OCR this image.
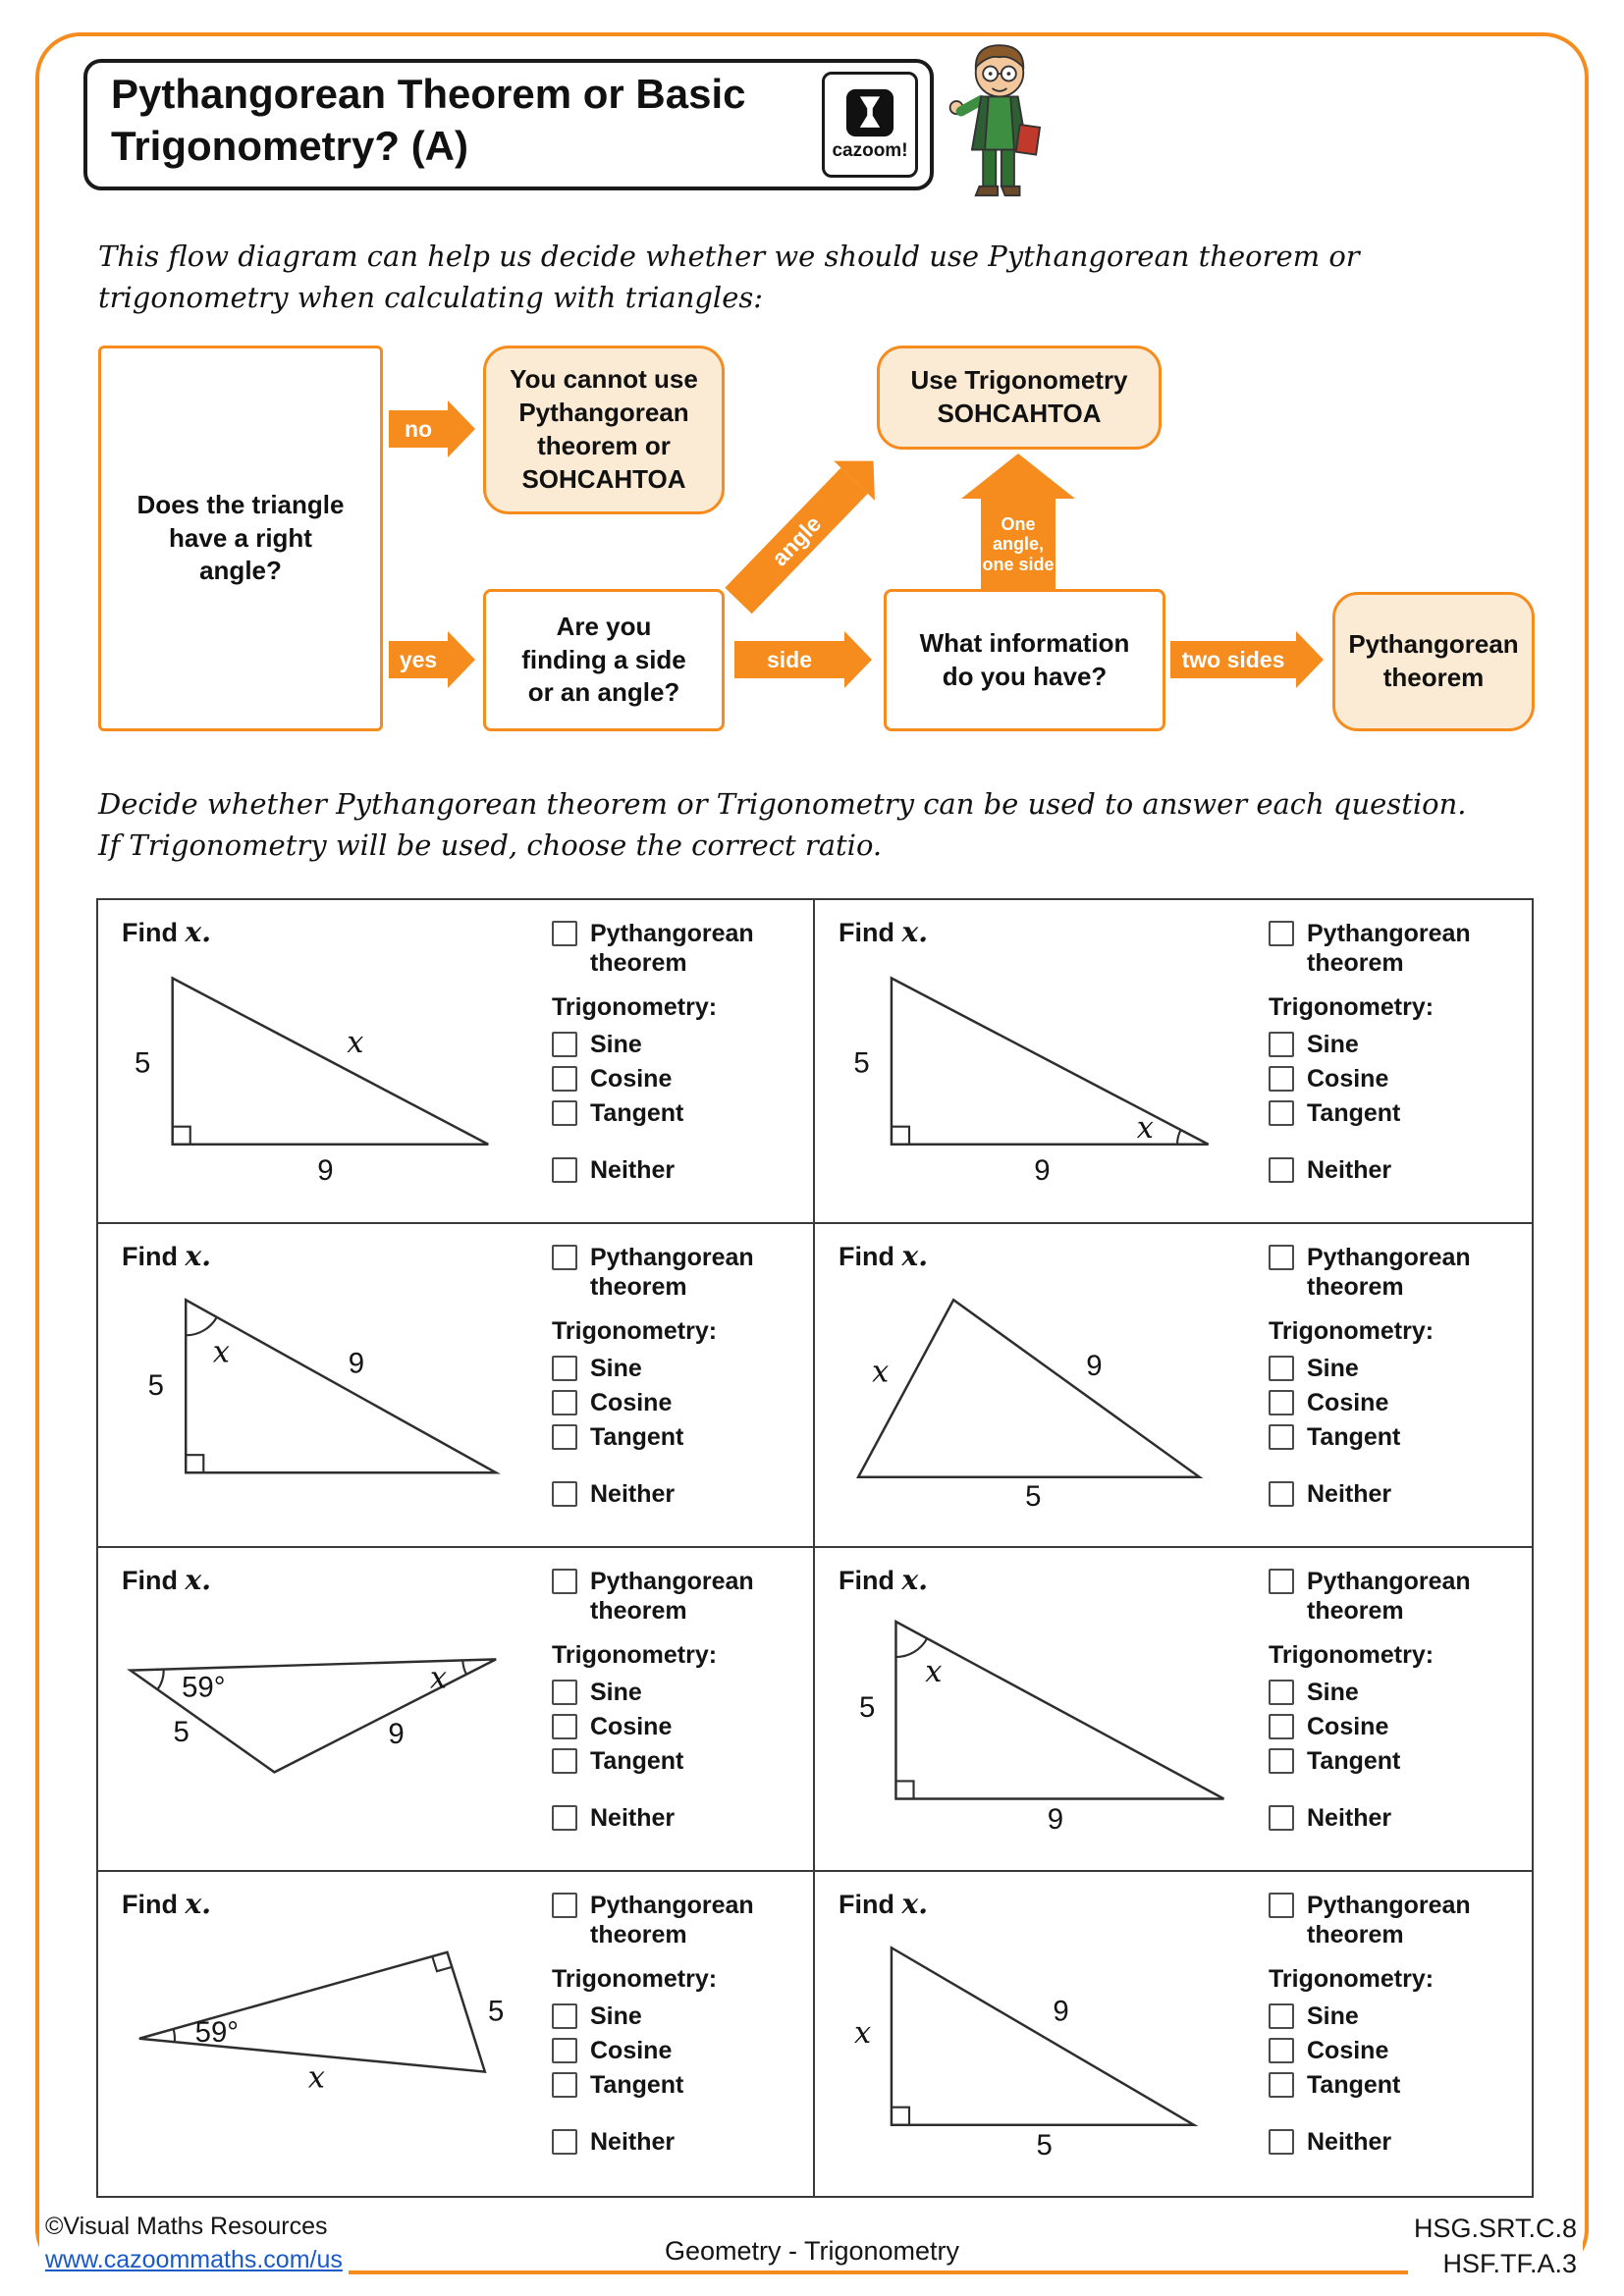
Pythangorean Theorem or Basic Trigonometry? (A)	cazoom!
This flow diagram can help us decide whether we should use Pythangorean theorem or
trigonometry when calculating with triangles:
Does the triangle have a right angle?
no
You cannot use Pythangorean theorem or SOHCAHTOA
yes
Are you finding a side or an angle?
angle
Use Trigonometry SOHCAHTOA
side
What information do you have?
One angle, one side
two sides
Pythangorean theorem
Decide whether Pythangorean theorem or Trigonometry can be used to answer each question.
If Trigonometry will be used, choose the correct ratio.
Find x.
5
9
x
Pythangorean theorem
Trigonometry:
Sine
Cosine
Tangent
Neither
Find x.
5
9
x
Pythangorean theorem
Trigonometry:
Sine
Cosine
Tangent
Neither
Find x.
5
9
x
Pythangorean theorem
Trigonometry:
Sine
Cosine
Tangent
Neither
Find x.
x	9
5
Pythangorean theorem
Trigonometry:
Sine
Cosine
Tangent
Neither
Find x.
59°	x
5	9
Pythangorean theorem
Trigonometry:
Sine
Cosine
Tangent
Neither
Find x.
x
5
9
Pythangorean theorem
Trigonometry:
Sine
Cosine
Tangent
Neither
Find x.
59°
5
x
Pythangorean theorem
Trigonometry:
Sine
Cosine
Tangent
Neither
Find x.
x
5
9
Pythangorean theorem
Trigonometry:
Sine
Cosine
Tangent
Neither
©Visual Maths Resources
www.cazoommaths.com/us	Geometry - Trigonometry
HSG.SRT.C.8
HSF.TF.A.3
